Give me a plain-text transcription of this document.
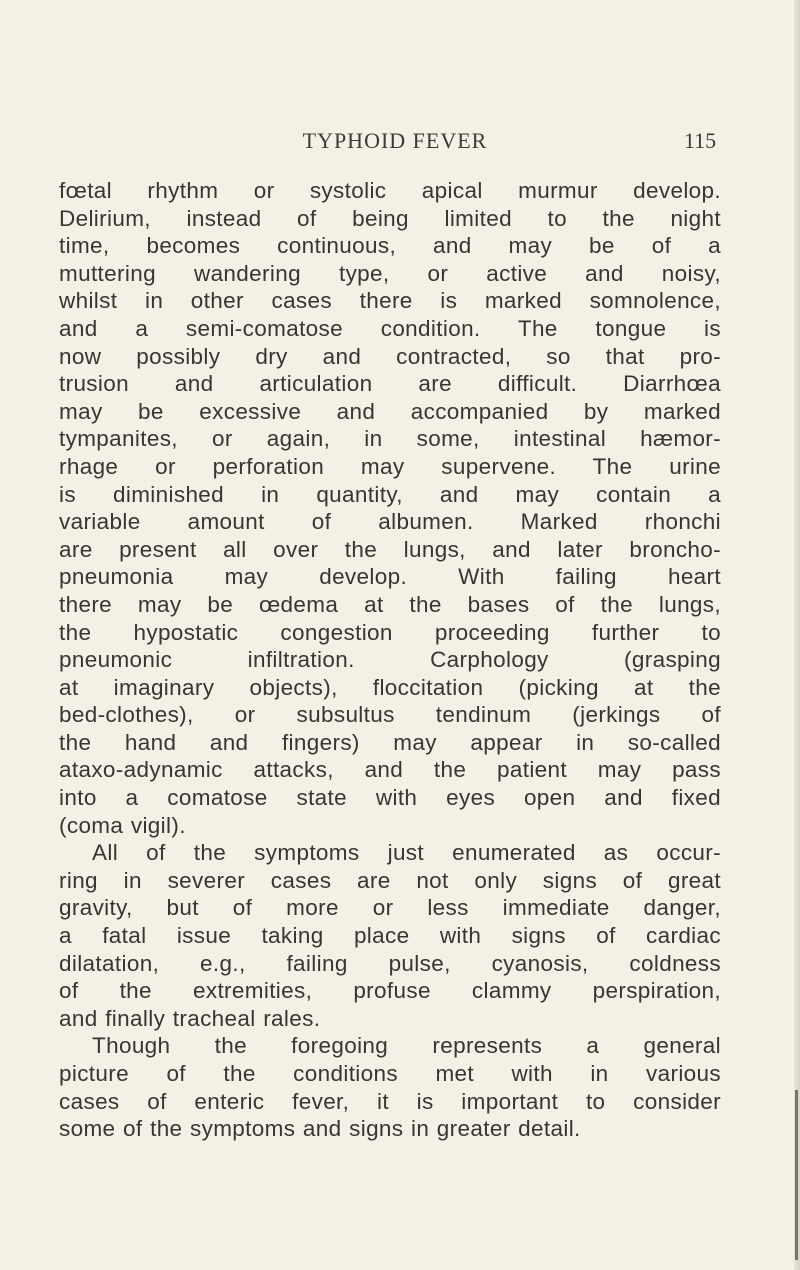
TYPHOID FEVER	115
fœtal rhythm or systolic apical murmur develop.
Delirium, instead of being limited to the night
time, becomes continuous, and may be of a
muttering wandering type, or active and noisy,
whilst in other cases there is marked somnolence,
and a semi-comatose condition. The tongue is
now possibly dry and contracted, so that pro-
trusion and articulation are difficult. Diarrhœa
may be excessive and accompanied by marked
tympanites, or again, in some, intestinal hæmor-
rhage or perforation may supervene. The urine
is diminished in quantity, and may contain a
variable amount of albumen. Marked rhonchi
are present all over the lungs, and later broncho-
pneumonia may develop. With failing heart
there may be œdema at the bases of the lungs,
the hypostatic congestion proceeding further to
pneumonic infiltration. Carphology (grasping
at imaginary objects), floccitation (picking at the
bed-clothes), or subsultus tendinum (jerkings of
the hand and fingers) may appear in so-called
ataxo-adynamic attacks, and the patient may pass
into a comatose state with eyes open and fixed
(coma vigil).
All of the symptoms just enumerated as occur-
ring in severer cases are not only signs of great
gravity, but of more or less immediate danger,
a fatal issue taking place with signs of cardiac
dilatation, e.g., failing pulse, cyanosis, coldness
of the extremities, profuse clammy perspiration,
and finally tracheal rales.
Though the foregoing represents a general
picture of the conditions met with in various
cases of enteric fever, it is important to consider
some of the symptoms and signs in greater detail.
